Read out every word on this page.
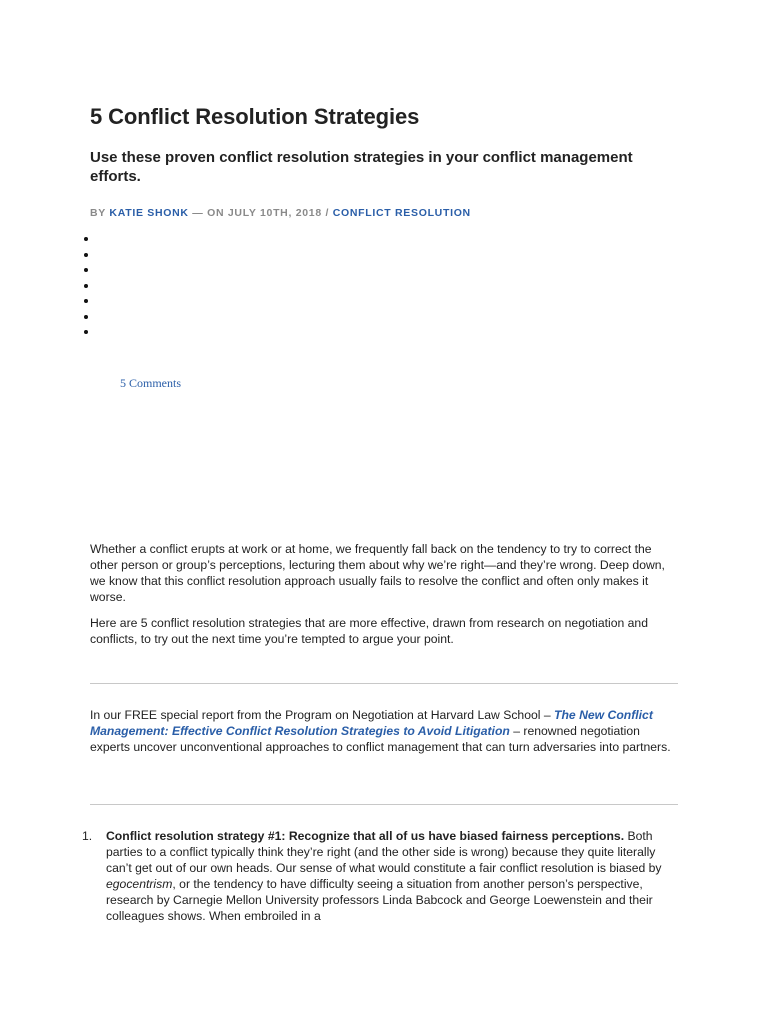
5 Conflict Resolution Strategies
Use these proven conflict resolution strategies in your conflict management efforts.
BY KATIE SHONK — ON JULY 10TH, 2018 / CONFLICT RESOLUTION
5 Comments

Whether a conflict erupts at work or at home, we frequently fall back on the tendency to try to correct the other person or group’s perceptions, lecturing them about why we’re right—and they’re wrong. Deep down, we know that this conflict resolution approach usually fails to resolve the conflict and often only makes it worse.

Here are 5 conflict resolution strategies that are more effective, drawn from research on negotiation and conflicts, to try out the next time you’re tempted to argue your point.

In our FREE special report from the Program on Negotiation at Harvard Law School – The New Conflict Management: Effective Conflict Resolution Strategies to Avoid Litigation – renowned negotiation experts uncover unconventional approaches to conflict management that can turn adversaries into partners.

1. Conflict resolution strategy #1: Recognize that all of us have biased fairness perceptions. Both parties to a conflict typically think they’re right (and the other side is wrong) because they quite literally can’t get out of our own heads. Our sense of what would constitute a fair conflict resolution is biased by egocentrism, or the tendency to have difficulty seeing a situation from another person’s perspective, research by Carnegie Mellon University professors Linda Babcock and George Loewenstein and their colleagues shows. When embroiled in a
